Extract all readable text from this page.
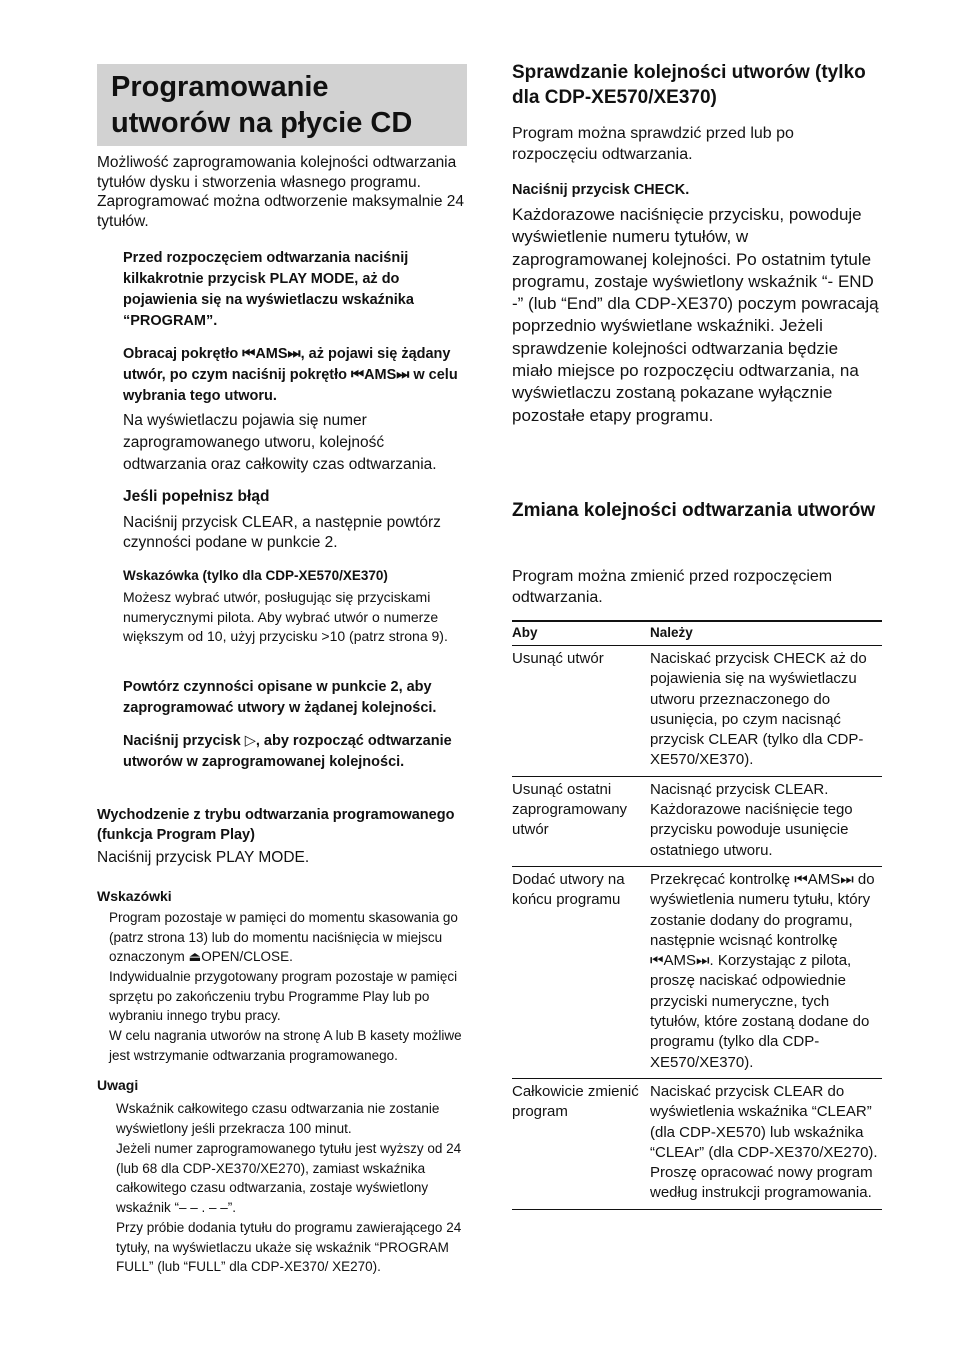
Programowanie utworów na płycie CD

Możliwość zaprogramowania kolejności odtwarzania tytułów dysku i stworzenia własnego programu. Zaprogramować można odtworzenie maksymalnie 24 tytułów.

Przed rozpoczęciem odtwarzania naciśnij kilkakrotnie przycisk PLAY MODE, aż do pojawienia się na wyświetlaczu wskaźnika “PROGRAM”.

Obracaj pokrętło ⏮AMS⏭, aż pojawi się żądany utwór, po czym naciśnij pokrętło ⏮AMS⏭ w celu wybrania tego utworu.

Na wyświetlaczu pojawia się numer zaprogramowanego utworu, kolejność odtwarzania oraz całkowity czas odtwarzania.

Jeśli popełnisz błąd

Naciśnij przycisk CLEAR, a następnie powtórz czynności podane w punkcie 2.

Wskazówka (tylko dla CDP-XE570/XE370)

Możesz wybrać utwór, posługując się przyciskami numerycznymi pilota. Aby wybrać utwór o numerze większym od 10, użyj przycisku >10 (patrz strona 9).

Powtórz czynności opisane w punkcie 2, aby zaprogramować utwory w żądanej kolejności.

Naciśnij przycisk ▷, aby rozpocząć odtwarzanie utworów w zaprogramowanej kolejności.

Wychodzenie z trybu odtwarzania programowanego (funkcja Program Play)

Naciśnij przycisk PLAY MODE.

Wskazówki

Program pozostaje w pamięci do momentu skasowania go (patrz strona 13) lub do momentu naciśnięcia w miejscu oznaczonym ⏏OPEN/CLOSE.

Indywidualnie przygotowany program pozostaje w pamięci sprzętu po zakończeniu trybu Programme Play lub po wybraniu innego trybu pracy.

W celu nagrania utworów na stronę A lub B kasety możliwe jest wstrzymanie odtwarzania programowanego.

Uwagi

Wskaźnik całkowitego czasu odtwarzania nie zostanie wyświetlony jeśli przekracza 100 minut.

Jeżeli numer zaprogramowanego tytułu jest wyższy od 24 (lub 68 dla CDP-XE370/XE270), zamiast wskaźnika całkowitego czasu odtwarzania, zostaje wyświetlony wskaźnik “– – . – –”.

Przy próbie dodania tytułu do programu zawierającego 24 tytuły, na wyświetlaczu ukaże się wskaźnik “PROGRAM FULL” (lub “FULL” dla CDP-XE370/ XE270).

Sprawdzanie kolejności utworów (tylko dla CDP-XE570/XE370)

Program można sprawdzić przed lub po rozpoczęciu odtwarzania.

Naciśnij przycisk CHECK.

Każdorazowe naciśnięcie przycisku, powoduje wyświetlenie numeru tytułów, w zaprogramowanej kolejności. Po ostatnim tytule programu, zostaje wyświetlony wskaźnik “- END -” (lub “End” dla CDP-XE370) poczym powracają poprzednio wyświetlane wskaźniki. Jeżeli sprawdzenie kolejności odtwarzania będzie miało miejsce po rozpoczęciu odtwarzania, na wyświetlaczu zostaną pokazane wyłącznie pozostałe etapy programu.

Zmiana kolejności odtwarzania utworów

Program można zmienić przed rozpoczęciem odtwarzania.

Aby	Należy
Usunąć utwór	Naciskać przycisk CHECK aż do pojawienia się na wyświetlaczu utworu przeznaczonego do usunięcia, po czym nacisnąć przycisk CLEAR (tylko dla CDP-XE570/XE370).
Usunąć ostatni zaprogramowany utwór	Nacisnąć przycisk CLEAR. Każdorazowe naciśnięcie tego przycisku powoduje usunięcie ostatniego utworu.
Dodać utwory na końcu programu	Przekręcać kontrolkę ⏮AMS⏭ do wyświetlenia numeru tytułu, który zostanie dodany do programu, następnie wcisnąć kontrolkę ⏮AMS⏭. Korzystając z pilota, proszę naciskać odpowiednie przyciski numeryczne, tych tytułów, które zostaną dodane do programu (tylko dla CDP-XE570/XE370).
Całkowicie zmienić program	Naciskać przycisk CLEAR do wyświetlenia wskaźnika “CLEAR” (dla CDP-XE570) lub wskaźnika “CLEAr” (dla CDP-XE370/XE270). Proszę opracować nowy program według instrukcji programowania.
